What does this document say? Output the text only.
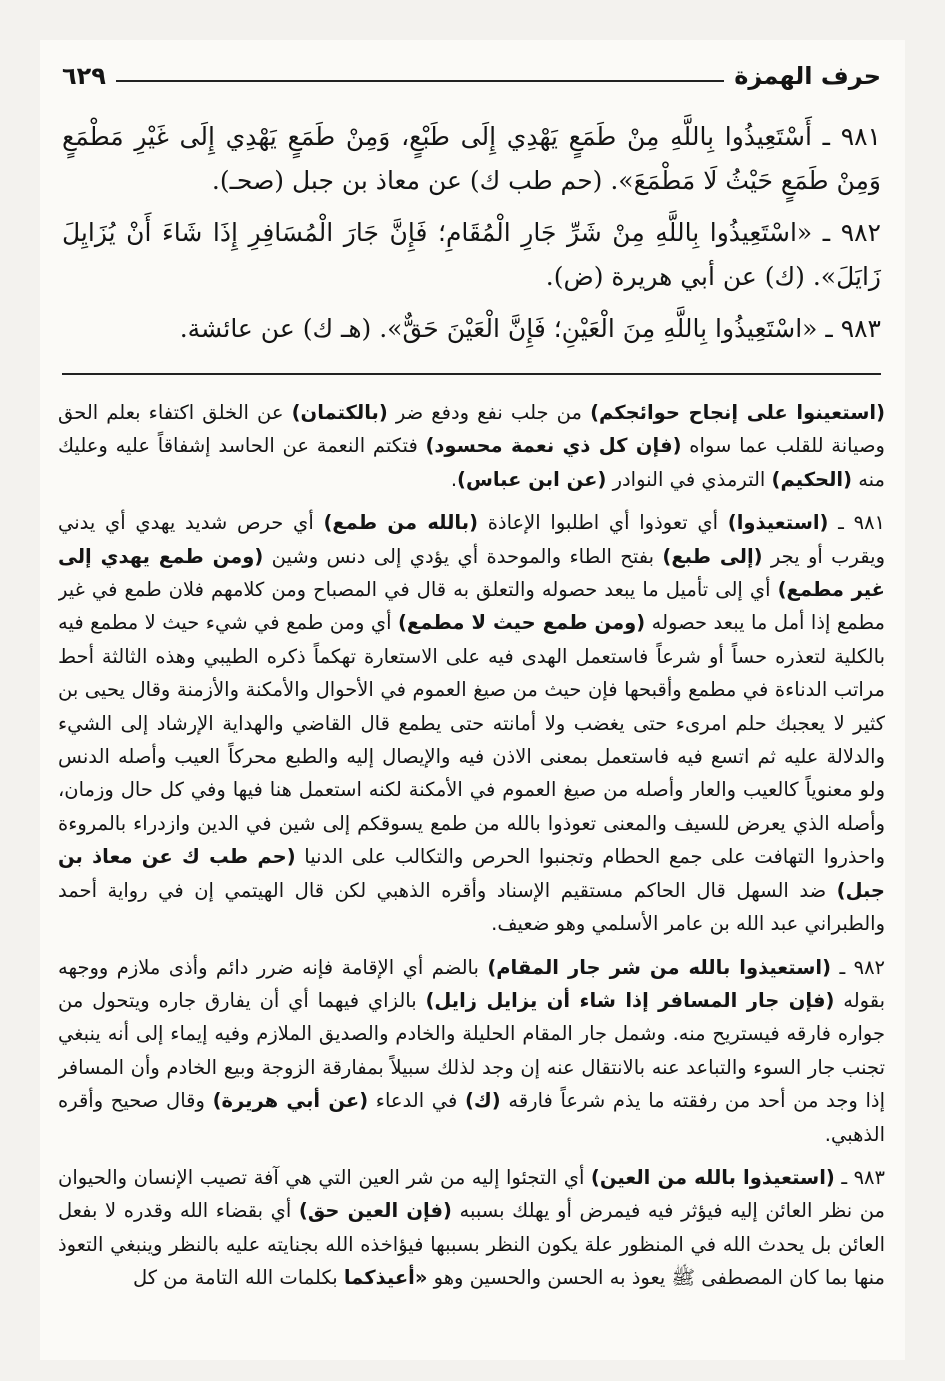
حرف الهمزة
٦٢٩

٩٨١ ـ أَسْتَعِيذُوا بِاللَّهِ مِنْ طَمَعٍ يَهْدِي إِلَى طَبْعٍ، وَمِنْ طَمَعٍ يَهْدِي إِلَى غَيْرِ مَطْمَعٍ وَمِنْ طَمَعٍ حَيْثُ لَا مَطْمَعَ». (حم طب ك) عن معاذ بن جبل (صحـ).

٩٨٢ ـ «اسْتَعِيذُوا بِاللَّهِ مِنْ شَرِّ جَارِ الْمُقَامِ؛ فَإِنَّ جَارَ الْمُسَافِرِ إِذَا شَاءَ أَنْ يُزَايِلَ زَايَلَ». (ك) عن أبي هريرة (ض).

٩٨٣ ـ «اسْتَعِيذُوا بِاللَّهِ مِنَ الْعَيْنِ؛ فَإِنَّ الْعَيْنَ حَقٌّ». (هـ ك) عن عائشة.

(استعينوا على إنجاح حوائجكم) من جلب نفع ودفع ضر (بالكتمان) عن الخلق اكتفاء بعلم الحق وصيانة للقلب عما سواه (فإن كل ذي نعمة محسود) فتكتم النعمة عن الحاسد إشفاقاً عليه وعليك منه (الحكيم) الترمذي في النوادر (عن ابن عباس).

٩٨١ ـ (استعيذوا) أي تعوذوا أي اطلبوا الإعاذة (بالله من طمع) أي حرص شديد يهدي أي يدني ويقرب أو يجر (إلى طبع) بفتح الطاء والموحدة أي يؤدي إلى دنس وشين (ومن طمع يهدي إلى غير مطمع) أي إلى تأميل ما يبعد حصوله والتعلق به قال في المصباح ومن كلامهم فلان طمع في غير مطمع إذا أمل ما يبعد حصوله (ومن طمع حيث لا مطمع) أي ومن طمع في شيء حيث لا مطمع فيه بالكلية لتعذره حساً أو شرعاً فاستعمل الهدى فيه على الاستعارة تهكماً ذكره الطيبي وهذه الثالثة أحط مراتب الدناءة في مطمع وأقبحها فإن حيث من صيغ العموم في الأحوال والأمكنة والأزمنة وقال يحيى بن كثير لا يعجبك حلم امرىء حتى يغضب ولا أمانته حتى يطمع قال القاضي والهداية الإرشاد إلى الشيء والدلالة عليه ثم اتسع فيه فاستعمل بمعنى الاذن فيه والإيصال إليه والطبع محركاً العيب وأصله الدنس ولو معنوياً كالعيب والعار وأصله من صيغ العموم في الأمكنة لكنه استعمل هنا فيها وفي كل حال وزمان، وأصله الذي يعرض للسيف والمعنى تعوذوا بالله من طمع يسوقكم إلى شين في الدين وازدراء بالمروءة واحذروا التهافت على جمع الحطام وتجنبوا الحرص والتكالب على الدنيا (حم طب ك عن معاذ بن جبل) ضد السهل قال الحاكم مستقيم الإسناد وأقره الذهبي لكن قال الهيتمي إن في رواية أحمد والطبراني عبد الله بن عامر الأسلمي وهو ضعيف.

٩٨٢ ـ (استعيذوا بالله من شر جار المقام) بالضم أي الإقامة فإنه ضرر دائم وأذى ملازم ووجهه بقوله (فإن جار المسافر إذا شاء أن يزايل زايل) بالزاي فيهما أي أن يفارق جاره ويتحول من جواره فارقه فيستريح منه. وشمل جار المقام الحليلة والخادم والصديق الملازم وفيه إيماء إلى أنه ينبغي تجنب جار السوء والتباعد عنه بالانتقال عنه إن وجد لذلك سبيلاً بمفارقة الزوجة وبيع الخادم وأن المسافر إذا وجد من أحد من رفقته ما يذم شرعاً فارقه (ك) في الدعاء (عن أبي هريرة) وقال صحيح وأقره الذهبي.

٩٨٣ ـ (استعيذوا بالله من العين) أي التجئوا إليه من شر العين التي هي آفة تصيب الإنسان والحيوان من نظر العائن إليه فيؤثر فيه فيمرض أو يهلك بسببه (فإن العين حق) أي بقضاء الله وقدره لا بفعل العائن بل يحدث الله في المنظور علة يكون النظر بسببها فيؤاخذه الله بجنايته عليه بالنظر وينبغي التعوذ منها بما كان المصطفى ﷺ يعوذ به الحسن والحسين وهو «أعيذكما بكلمات الله التامة من كل
